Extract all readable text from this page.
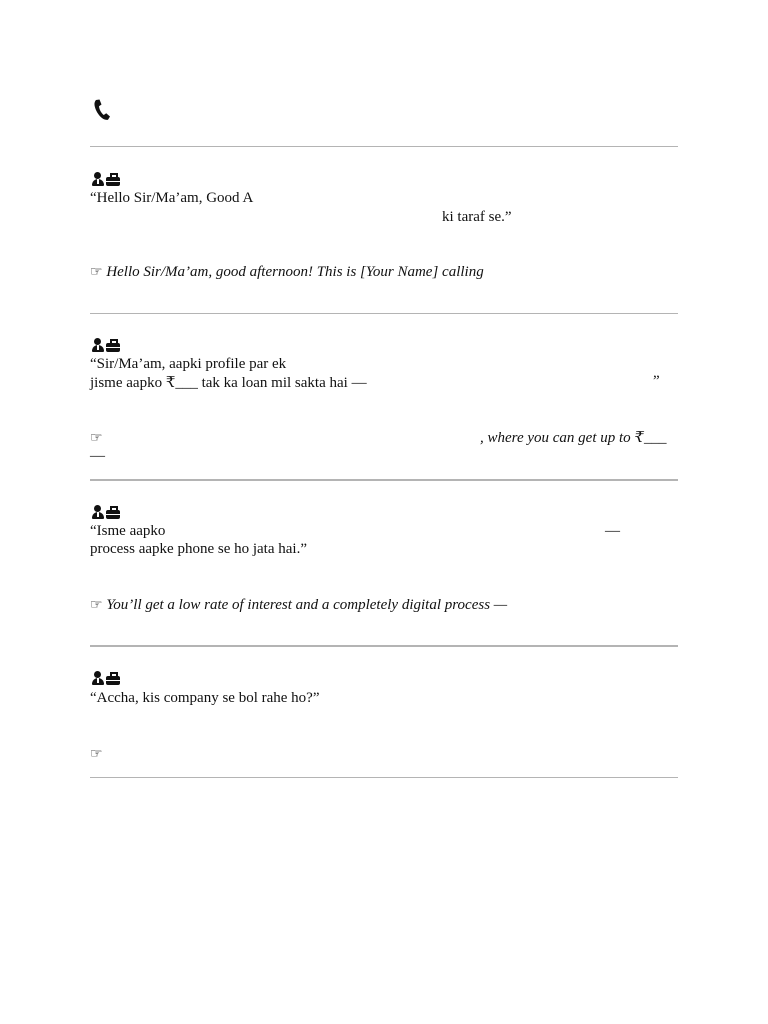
“Hello Sir/Ma’am, Good A
ki taraf se.”
☞ Hello Sir/Ma’am, good afternoon! This is [Your Name] calling
“Sir/Ma’am, aapki profile par ek
jisme aapko ₹___ tak ka loan mil sakta hai —	”
☞	, where you can get up to ₹___
—
“Isme aapko	—
process aapke phone se ho jata hai.”
☞ You’ll get a low rate of interest and a completely digital process —
“Accha, kis company se bol rahe ho?”
☞
